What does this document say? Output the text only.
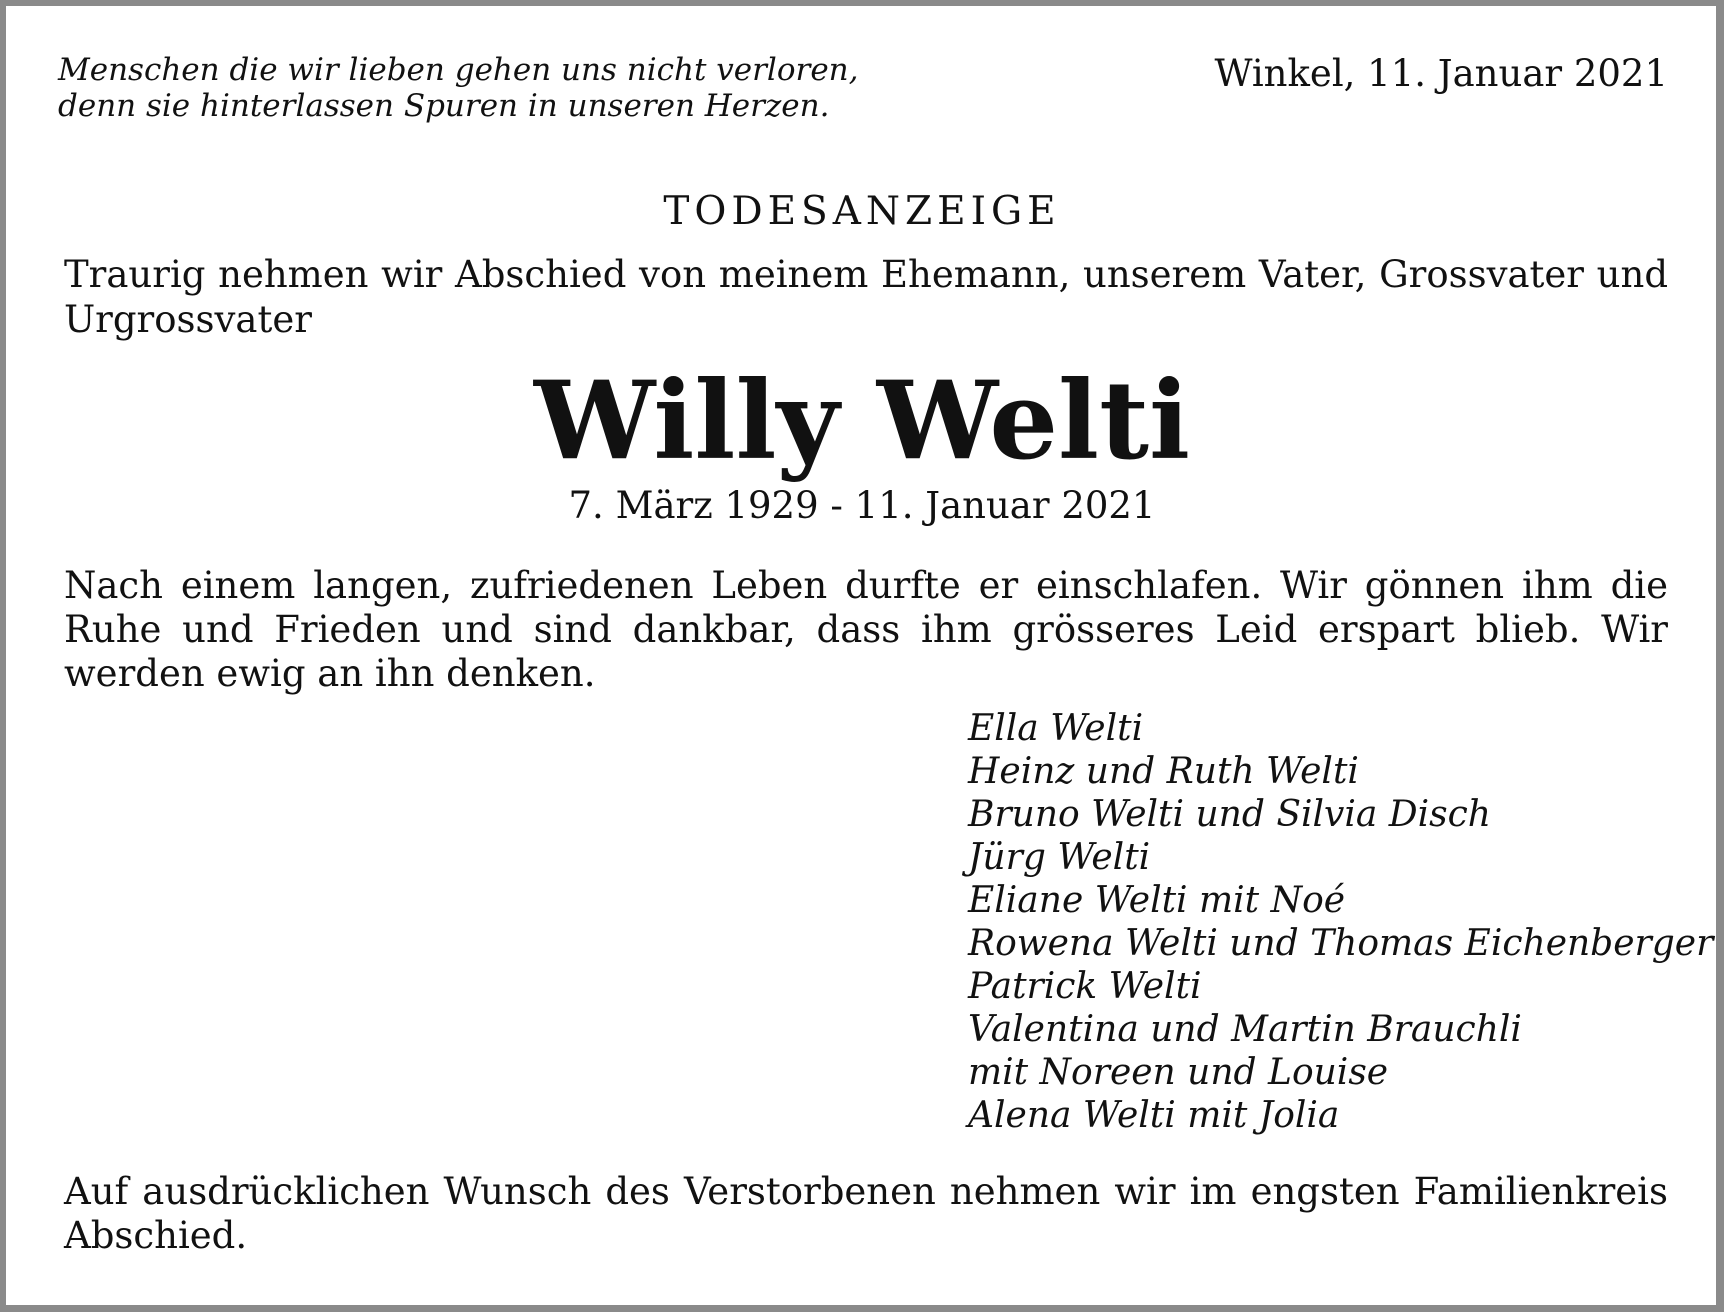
Menschen die wir lieben gehen uns nicht verloren,
denn sie hinterlassen Spuren in unseren Herzen.
Winkel, 11. Januar 2021
TODESANZEIGE
Traurig nehmen wir Abschied von meinem Ehemann, unserem Vater, Grossvater und Urgrossvater
Willy Welti
7. März 1929 - 11. Januar 2021
Nach einem langen, zufriedenen Leben durfte er einschlafen. Wir gönnen ihm die Ruhe und Frieden und sind dankbar, dass ihm grösseres Leid erspart blieb. Wir werden ewig an ihn denken.
Ella Welti
Heinz und Ruth Welti
Bruno Welti und Silvia Disch
Jürg Welti
Eliane Welti mit Noé
Rowena Welti und Thomas Eichenberger
Patrick Welti
Valentina und Martin Brauchli
mit Noreen und Louise
Alena Welti mit Jolia
Auf ausdrücklichen Wunsch des Verstorbenen nehmen wir im engsten Familienkreis Abschied.
